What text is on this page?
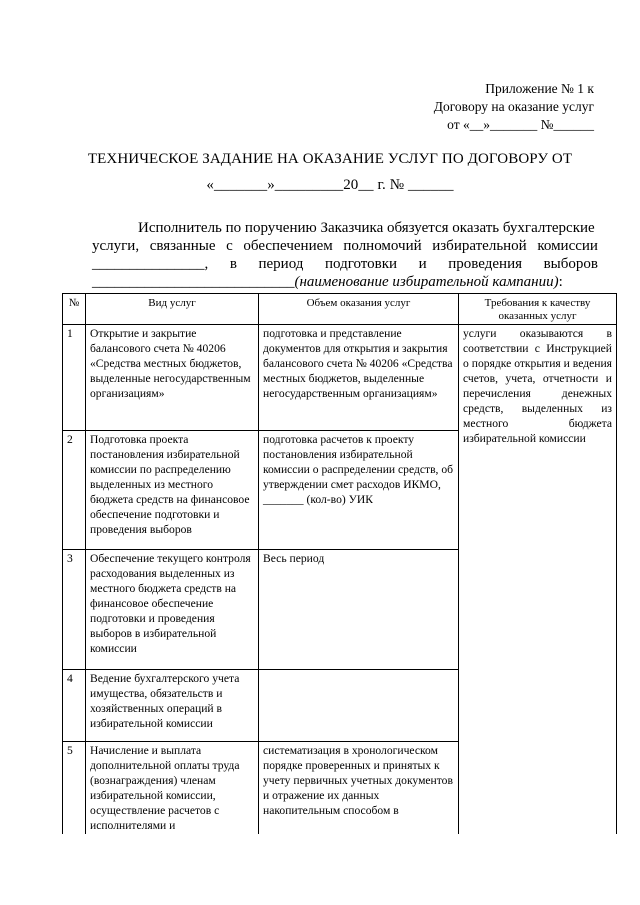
Приложение № 1 к
Договору на оказание услуг
от «__»_______ №______
ТЕХНИЧЕСКОЕ ЗАДАНИЕ НА ОКАЗАНИЕ УСЛУГ ПО ДОГОВОРУ ОТ
«_______»_________20__ г. № ______
Исполнитель по поручению Заказчика обязуется оказать бухгалтерские
услуги, связанные с обеспечением полномочий избирательной комиссии
_______________, в период подготовки и проведения выборов
___________________________ (наименование избирательной кампании) :
№	Вид услуг	Объем оказания услуг	Требования к качеству оказанных услуг
1	Открытие и закрытие балансового счета № 40206 «Средства местных бюджетов, выделенные негосударственным организациям»	подготовка и представление документов для открытия и закрытия балансового счета № 40206 «Средства местных бюджетов, выделенные негосударственным организациям»	услуги оказываются в соответствии с Инструкцией о порядке открытия и ведения счетов, учета, отчетности и перечисления денежных средств, выделенных из местного бюджета избирательной комиссии
2	Подготовка проекта постановления избирательной комиссии по распределению выделенных из местного бюджета средств на финансовое обеспечение подготовки и проведения выборов	подготовка расчетов к проекту постановления избирательной комиссии о распределении средств, об утверждении смет расходов ИКМО, _______ (кол-во) УИК	
3	Обеспечение текущего контроля расходования выделенных из местного бюджета средств на финансовое обеспечение подготовки и проведения выборов в избирательной комиссии	Весь период	
4	Ведение бухгалтерского учета имущества, обязательств и хозяйственных операций в избирательной комиссии		
5	Начисление и выплата дополнительной оплаты труда (вознаграждения) членам избирательной комиссии, осуществление расчетов с исполнителями и	систематизация в хронологическом порядке проверенных и принятых к учету первичных учетных документов и отражение их данных накопительным способом в	
